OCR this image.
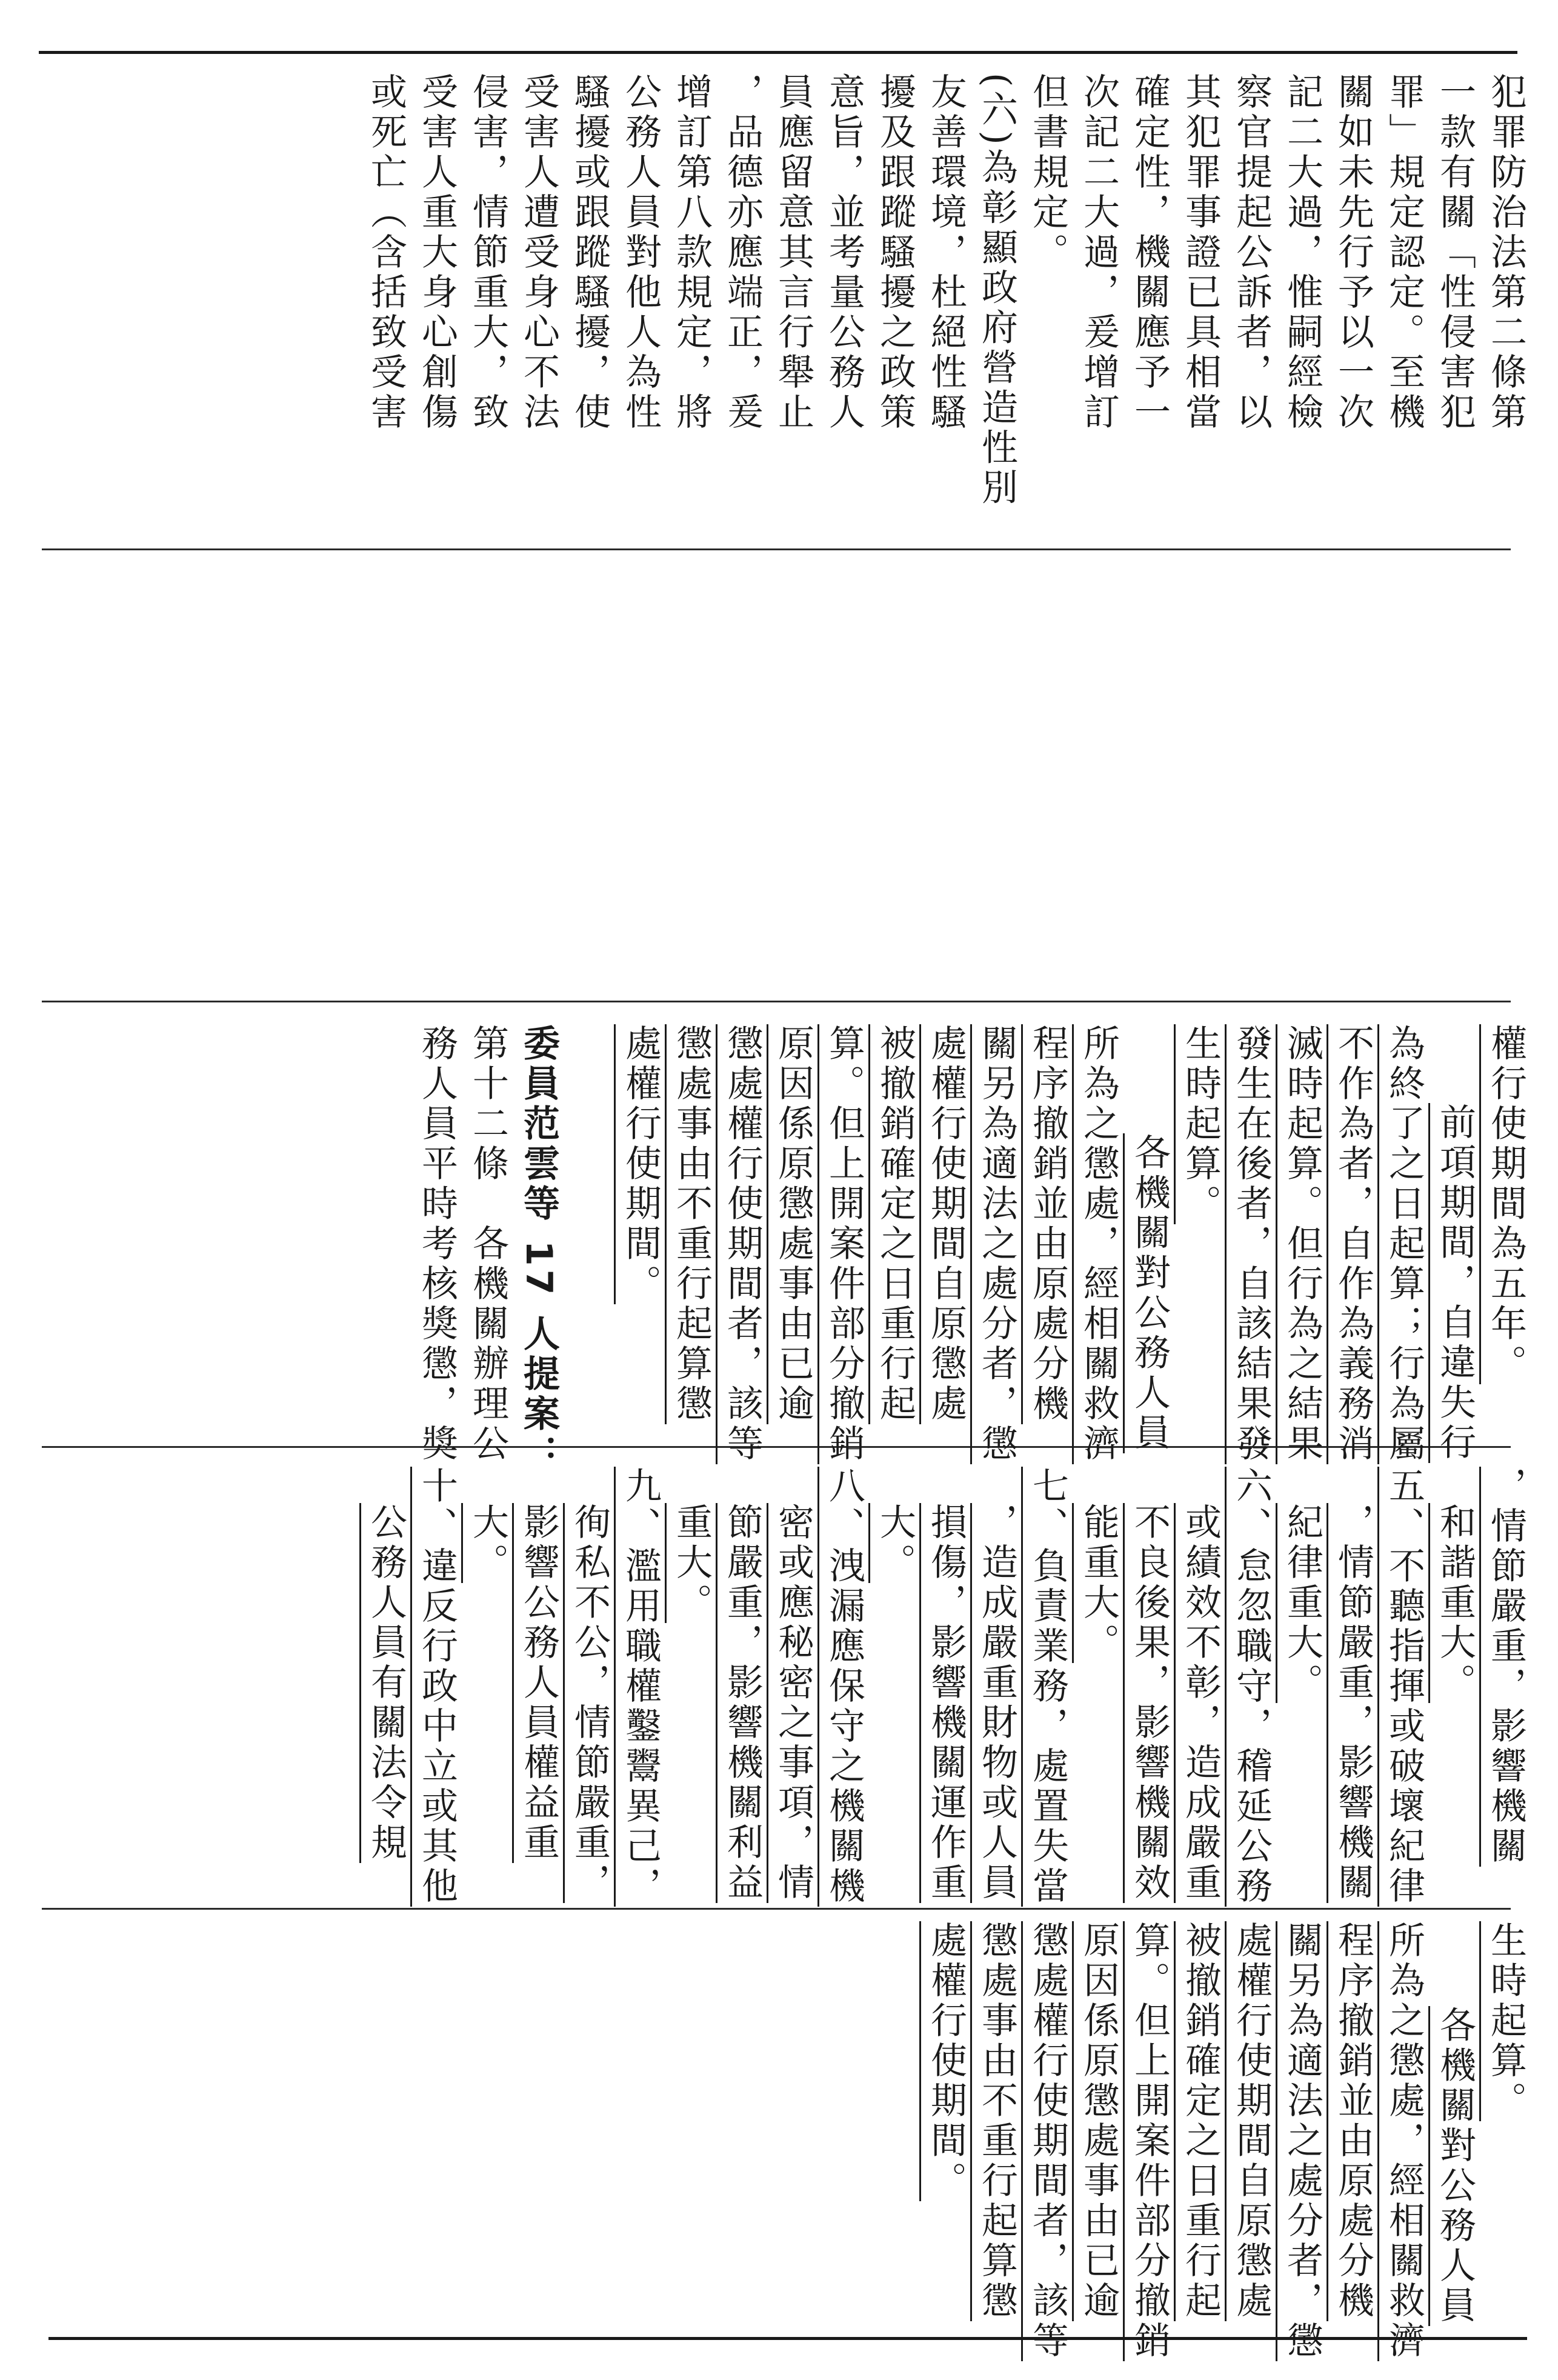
犯罪防治法第二條第
一款有關「性侵害犯
罪」規定認定。至機
關如未先行予以一次
記二大過，惟嗣經檢
察官提起公訴者，以
其犯罪事證已具相當
確定性，機關應予一
次記二大過，爰增訂
但書規定。
(六)為彰顯政府營造性別
友善環境，杜絕性騷
擾及跟蹤騷擾之政策
意旨，並考量公務人
員應留意其言行舉止
，品德亦應端正，爰
增訂第八款規定，將
公務人員對他人為性
騷擾或跟蹤騷擾，使
受害人遭受身心不法
侵害，情節重大，致
受害人重大身心創傷
或死亡（含括致受害
權行使期間為五年。
前項期間，自違失行
為終了之日起算；行為屬
不作為者，自作為義務消
滅時起算。但行為之結果
發生在後者，自該結果發
生時起算。
各機關對公務人員
所為之懲處，經相關救濟
程序撤銷並由原處分機
關另為適法之處分者，懲
處權行使期間自原懲處
被撤銷確定之日重行起
算。但上開案件部分撤銷
原因係原懲處事由已逾
懲處權行使期間者，該等
懲處事由不重行起算懲
處權行使期間。
委員范雲等 17 人提案：
第十二條　各機關辦理公
務人員平時考核獎懲，獎
，情節嚴重，影響機關
和諧重大。
五、不聽指揮或破壞紀律
，情節嚴重，影響機關
紀律重大。
六、怠忽職守，稽延公務
或績效不彰，造成嚴重
不良後果，影響機關效
能重大。
七、負責業務，處置失當
，造成嚴重財物或人員
損傷，影響機關運作重
大。
八、洩漏應保守之機關機
密或應秘密之事項，情
節嚴重，影響機關利益
重大。
九、濫用職權鑿鬻異己，
徇私不公，情節嚴重，
影響公務人員權益重
大。
十、違反行政中立或其他
公務人員有關法令規
生時起算。
各機關對公務人員
所為之懲處，經相關救濟
程序撤銷並由原處分機
關另為適法之處分者，懲
處權行使期間自原懲處
被撤銷確定之日重行起
算。但上開案件部分撤銷
原因係原懲處事由已逾
懲處權行使期間者，該等
懲處事由不重行起算懲
處權行使期間。
